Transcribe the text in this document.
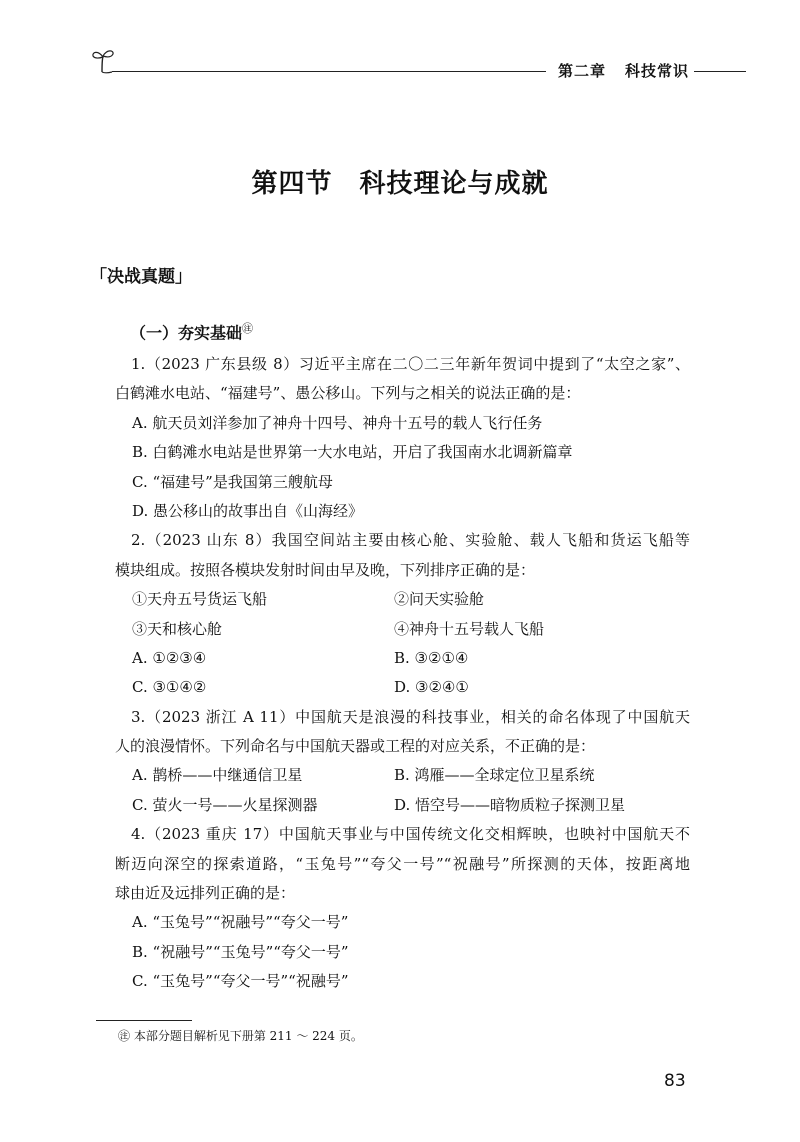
第二章 科技常识
第四节　科技理论与成就
「决战真题」
（一）夯实基础㊟
1.（2023 广东县级 8）习近平主席在二〇二三年新年贺词中提到了“太空之家”、
白鹤滩水电站、“福建号”、愚公移山。下列与之相关的说法正确的是：
A. 航天员刘洋参加了神舟十四号、神舟十五号的载人飞行任务
B. 白鹤滩水电站是世界第一大水电站，开启了我国南水北调新篇章
C. “福建号”是我国第三艘航母
D. 愚公移山的故事出自《山海经》
2.（2023 山东 8）我国空间站主要由核心舱、实验舱、载人飞船和货运飞船等
模块组成。按照各模块发射时间由早及晚，下列排序正确的是：
①天舟五号货运飞船	②问天实验舱
③天和核心舱	④神舟十五号载人飞船
A. ①②③④	B. ③②①④
C. ③①④②	D. ③②④①
3.（2023 浙江 A 11）中国航天是浪漫的科技事业，相关的命名体现了中国航天
人的浪漫情怀。下列命名与中国航天器或工程的对应关系，不正确的是：
A. 鹊桥——中继通信卫星	B. 鸿雁——全球定位卫星系统
C. 萤火一号——火星探测器	D. 悟空号——暗物质粒子探测卫星
4.（2023 重庆 17）中国航天事业与中国传统文化交相辉映，也映衬中国航天不
断迈向深空的探索道路，“玉兔号”“夸父一号”“祝融号”所探测的天体，按距离地
球由近及远排列正确的是：
A. “玉兔号”“祝融号”“夸父一号”
B. “祝融号”“玉兔号”“夸父一号”
C. “玉兔号”“夸父一号”“祝融号”
㊟ 本部分题目解析见下册第 211 ～ 224 页。
83
